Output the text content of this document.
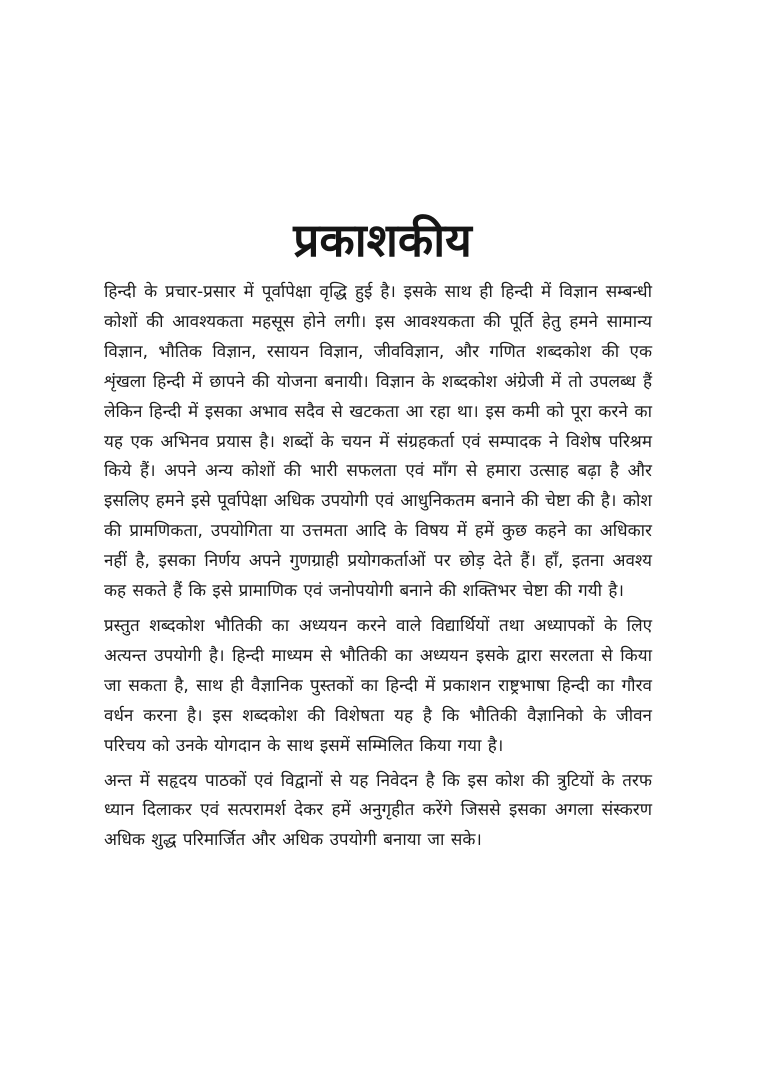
प्रकाशकीय

हिन्दी के प्रचार-प्रसार में पूर्वापेक्षा वृद्धि हुई है। इसके साथ ही हिन्दी में विज्ञान सम्बन्धी कोशों की आवश्यकता महसूस होने लगी। इस आवश्यकता की पूर्ति हेतु हमने सामान्य विज्ञान, भौतिक विज्ञान, रसायन विज्ञान, जीवविज्ञान, और गणित शब्दकोश की एक शृंखला हिन्दी में छापने की योजना बनायी। विज्ञान के शब्दकोश अंग्रेजी में तो उपलब्ध हैं लेकिन हिन्दी में इसका अभाव सदैव से खटकता आ रहा था। इस कमी को पूरा करने का यह एक अभिनव प्रयास है। शब्दों के चयन में संग्रहकर्ता एवं सम्पादक ने विशेष परिश्रम किये हैं। अपने अन्य कोशों की भारी सफलता एवं माँग से हमारा उत्साह बढ़ा है और इसलिए हमने इसे पूर्वापेक्षा अधिक उपयोगी एवं आधुनिकतम बनाने की चेष्टा की है। कोश की प्रामणिकता, उपयोगिता या उत्तमता आदि के विषय में हमें कुछ कहने का अधिकार नहीं है, इसका निर्णय अपने गुणग्राही प्रयोगकर्ताओं पर छोड़ देते हैं। हाँ, इतना अवश्य कह सकते हैं कि इसे प्रामाणिक एवं जनोपयोगी बनाने की शक्तिभर चेष्टा की गयी है।

प्रस्तुत शब्दकोश भौतिकी का अध्ययन करने वाले विद्यार्थियों तथा अध्यापकों के लिए अत्यन्त उपयोगी है। हिन्दी माध्यम से भौतिकी का अध्ययन इसके द्वारा सरलता से किया जा सकता है, साथ ही वैज्ञानिक पुस्तकों का हिन्दी में प्रकाशन राष्ट्रभाषा हिन्दी का गौरव वर्धन करना है। इस शब्दकोश की विशेषता यह है कि भौतिकी वैज्ञानिको के जीवन परिचय को उनके योगदान के साथ इसमें सम्मिलित किया गया है।

अन्त में सहृदय पाठकों एवं विद्वानों से यह निवेदन है कि इस कोश की त्रुटियों के तरफ ध्यान दिलाकर एवं सत्परामर्श देकर हमें अनुगृहीत करेंगे जिससे इसका अगला संस्करण अधिक शुद्ध परिमार्जित और अधिक उपयोगी बनाया जा सके।
